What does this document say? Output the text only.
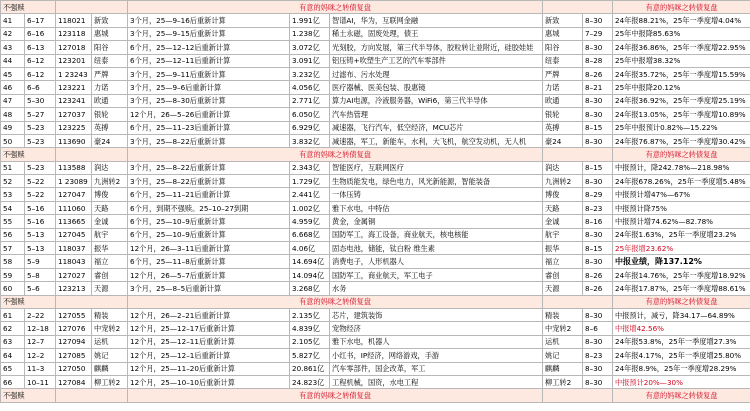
不强赎				有意的妈咪之转债复盘					有意的妈咪之转债复盘
41	6–17	118021	新致	3个月，25—9–16后重新计算	1.991亿	智谱AI，华为，互联网金融	新致	8–30	24年报88.21%，25年一季度增4.04%
42	6–16	123118	惠城	3个月，25—9–15后重新计算	1.238亿	稀土永磁，固废处理，债王	惠城	7–29	25年中报降85.63%
43	6–13	127018	阳谷	6个月，25—12–12后重新计算	3.072亿	光刻胶，方向发展，第三代半导体，胶粒转让並附近，硅胶娃娃	阳谷	8–30	24年报36.86%，25年一季度增22.95%
44	6–12	123201	纽泰	6个月，25—12–11后重新计算	3.091亿	铝压铸+吹塑生产工艺的汽车零部件	纽泰	8–28	25年中报增38.32%
45	6–12	1 23243	严牌	3个月，25—9–11后重新计算	3.232亿	过滤布、污水处理	严牌	8–26	24年报35.72%，25年一季度增15.59%
46	6–6	123221	力诺	3个月，25—9–6后重新计算	4.056亿	医疗器械、医美包装、股惠镜	力诺	8–21	25年中报降20.12%
47	5–30	123241	欧通	3个月，25—8–30后重新计算	2.771亿	算力AI电源，冷液服务器，WiFi6，第三代半导体	欧通	8–30	24年报36.92%，25年一季度增25.19%
48	5–27	127037	银轮	12个月，26—5–26后重新计算	6.050亿	汽车热管理	银轮	8–30	24年报13.05%，25年一季度增10.89%
49	5–23	123225	英搏	6个月，25—11–23后重新计算	6.929亿	减速器，飞行汽车，低空经济，MCU芯片	英搏	8–15	25年中报预计0.82%—15.22%
50	5–23	113690	豪24	3个月，25—8–22后重新计算	3.832亿	减速器，军工，新能车，水利，大飞机，航空发动机，无人机	豪24	8–30	24年报76.87%，25年一季度增30.42%
不强赎				有意的妈咪之转债复盘					有意的妈咪之转债复盘
51	5–23	113588	润达	3个月，25—8–22后重新计算	2.343亿	智能医疗，互联网医疗	润达	8–15	中报预计，降242.78%—218.98%
52	5–22	1 23089	九洲转2	3个月，25—8–22后重新计算	1.729亿	生物质能发电，绿色电力，风光新能源，智能装备	九洲转2	8–30	24年报678.26%，25年一季度增5.48%
53	5–22	127047	博俊	6个月，25—11–21后重新计算	2.441亿	一体压铸	博俊	8–29	中报预计增47%—67%
54	5–16	111060	天路	6个月，到期不强赎。25–10–27到期	1.002亿	雅下水电，中特估	天路	8–23	中报预计降75%
55	5–16	113665	金诚	6个月，25—10–9后重新计算	4.959亿	黄金，金属铜	金诚	8–16	中报预计增74.62%—82.78%
56	5–13	127045	航宇	6个月，25—10–9后重新计算	6.668亿	国防军工，海工设备，商业航天，核电核能	航宇	8–30	24年报1.63%，25年一季度增23.2%
57	5–13	118037	振华	12个月，26—3–11后重新计算	4.06亿	固态电池，储能，钛白粉 维生素	振华	8–15	25年报增23.62%
58	5–9	118043	福立	6个月，25—11–8后重新计算	14.694亿	消费电子，人形机器人	福立	8–30	中报业绩，降137.12%
59	5–8	127027	睿创	12个月，26—5–7后重新计算	14.094亿	国防军工，商业航天，军工电子	睿创	8–26	24年报14.76%，25年一季度增18.92%
60	5–6	123213	天源	3个月，25—8–5后重新计算	3.268亿	水务	天源	8–26	24年报17.87%，25年一季度增88.61%
不强赎				有意的妈咪之转债复盘					有意的妈咪之转债复盘
61	2–22	127055	精装	12个月，26—2–21后重新计算	2.135亿	芯片，建筑装饰	精装	8–30	中报预计，减亏，降34.17—64.89%
62	12–18	127076	中宠转2	12个月，25—12–17后重新计算	4.839亿	宠物经济	中宠转2	8–6	中报增42.56%
63	12–7	127094	运机	12个月，25—12–11后重新计算	2.105亿	雅下水电，机器人	运机	8–30	24年报53.8%，25年一季度增27.3%
64	12–2	127085	姚记	12个月，25—12–1后重新计算	5.827亿	小红书，IP经济，网络游戏，手游	姚记	8–23	24年报4.17%，25年一季度增25.80%
65	11–3	127050	麒麟	12个月，25—11–20后重新计算	20.861亿	汽车零部件，国企改革，军工	麒麟	8–30	24年报8.9%，25年一季度增28.29%
66	10–11	127084	柳工转2	12个月，25—10–10后重新计算	24.823亿	工程机械，国资，水电工程	柳工转2	8–30	中报预计20%—30%
不强赎				有意的妈咪之转债复盘					有意的妈咪之转债复盘
